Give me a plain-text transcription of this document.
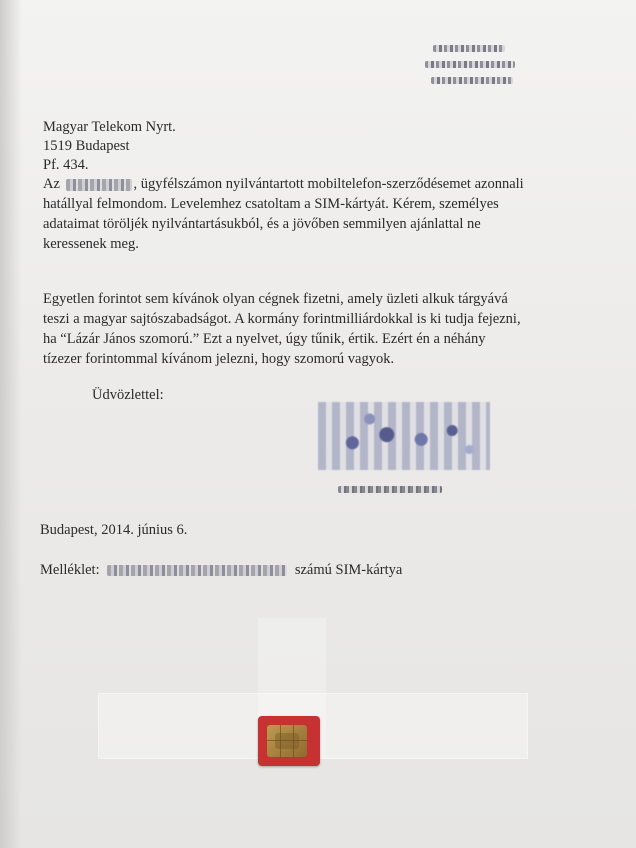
Magyar Telekom Nyrt.
1519 Budapest
Pf. 434.
Az	, ügyfélszámon nyilvántartott mobiltelefon-szerződésemet azonnali
hatállyal felmondom. Levelemhez csatoltam a SIM-kártyát. Kérem, személyes
adataimat töröljék nyilvántartásukból, és a jövőben semmilyen ajánlattal ne
keressenek meg.
Egyetlen forintot sem kívánok olyan cégnek fizetni, amely üzleti alkuk tárgyává
teszi a magyar sajtószabadságot. A kormány forintmilliárdokkal is ki tudja fejezni,
ha “Lázár János szomorú.” Ezt a nyelvet, úgy tűnik, értik. Ezért én a néhány
tízezer forintommal kívánom jelezni, hogy szomorú vagyok.
Üdvözlettel:
Budapest, 2014. június 6.
Melléklet:	számú SIM-kártya
